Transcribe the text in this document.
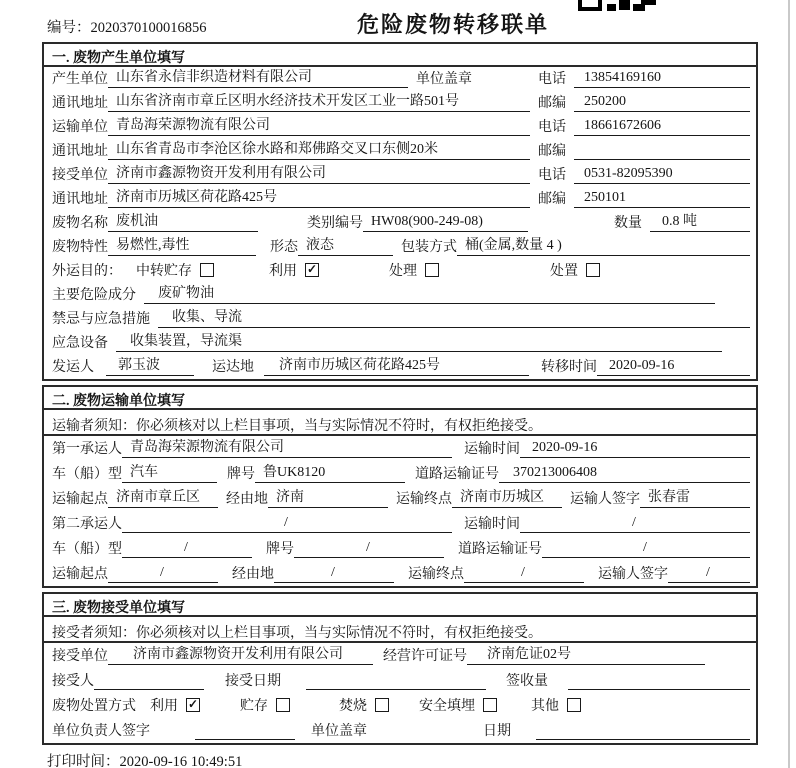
编号：2020370100016856	危险废物转移联单
一. 废物产生单位填写
产生单位 山东省永信非织造材料有限公司	单位盖章	电话	13854169160
通讯地址 山东省济南市章丘区明水经济技术开发区工业一路501号	邮编	250200
运输单位 青岛海荣源物流有限公司	电话	18661672606
通讯地址 山东省青岛市李沧区徐水路和郑佛路交叉口东侧20米	邮编
接受单位 济南市鑫源物资开发利用有限公司	电话	0531-82095390
通讯地址 济南市历城区荷花路425号	邮编	250101
废物名称 废机油	类别编号 HW08(900-249-08)	数量	0.8 吨
废物特性 易燃性,毒性	形态 液态	包装方式 桶(金属,数量 4 )
外运目的： 中转贮存	利用 ✓	处理	处置
主要危险成分	废矿物油
禁忌与应急措施	收集、导流
应急设备	收集装置，导流渠
发运人	郭玉波	运达地	济南市历城区荷花路425号	转移时间 2020-09-16
二. 废物运输单位填写
运输者须知：你必须核对以上栏目事项，当与实际情况不符时，有权拒绝接受。
第一承运人 青岛海荣源物流有限公司	运输时间 2020-09-16
车（船）型 汽车	牌号 鲁UK8120	道路运输证号	370213006408
运输起点 济南市章丘区	经由地 济南	运输终点 济南市历城区	运输人签字 张春雷
第二承运人	/	运输时间	/
车（船）型	/	牌号	/	道路运输证号	/
运输起点	/	经由地	/	运输终点	/	运输人签字	/
三. 废物接受单位填写
接受者须知：你必须核对以上栏目事项，当与实际情况不符时，有权拒绝接受。
接受单位	济南市鑫源物资开发利用有限公司	经营许可证号	济南危证02号
接受人	接受日期	签收量
废物处置方式 利用 ✓	贮存	焚烧	安全填埋	其他
单位负责人签字	单位盖章	日期
打印时间：2020-09-16 10:49:51
